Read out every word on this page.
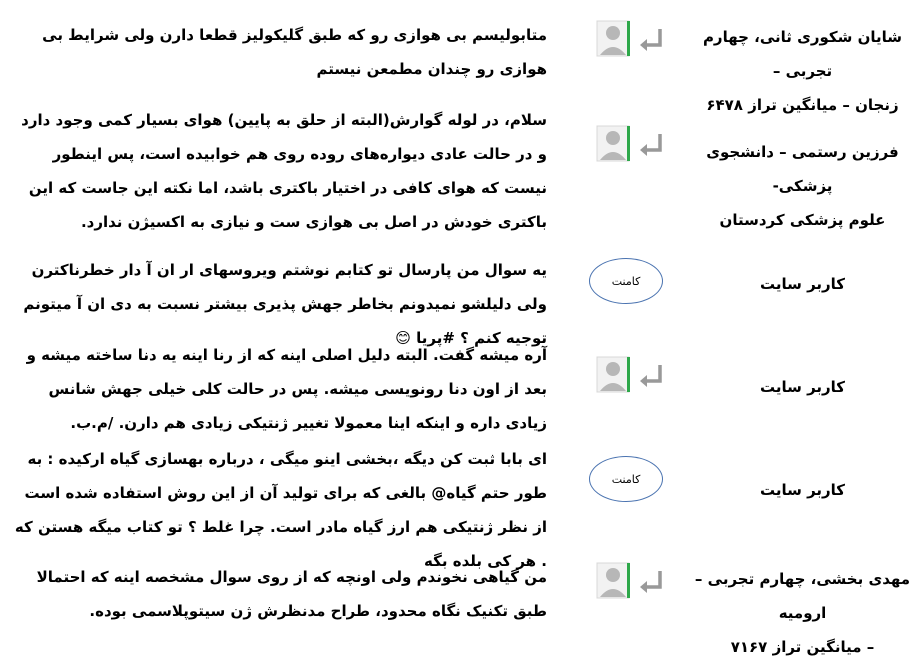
شایان شکوری ثانی، چهارم تجربی –
زنجان – میانگین تراز ۶۴۷۸
متابولیسم بی هوازی رو که طبق گلیکولیز قطعا دارن ولی شرایط بی هوازی رو چندان مطمعن نیستم
فرزین رستمی – دانشجوی پزشکی-
علوم پزشکی کردستان
سلام، در لوله گوارش(البته از حلق به پایین) هوای بسیار کمی وجود دارد و در حالت عادی دیواره‌های روده روی هم خوابیده است، پس اینطور نیست که هوای کافی در اختیار باکتری باشد، اما نکته این جاست که این باکتری خودش در اصل بی هوازی ست و نیازی به اکسیژن ندارد.
کاربر سایت
کامنت
یه سوال من پارسال تو کتابم نوشتم ویروسهای ار ان آ دار خطرناکترن ولی دلیلشو نمیدونم بخاطر جهش پذیری بیشتر نسبت به دی ان آ میتونم توجیه کنم ؟ #پریا 😊
کاربر سایت
آره میشه گفت. البته دلیل اصلی اینه که از رنا اینه یه دنا ساخته میشه و بعد از اون دنا رونویسی میشه. پس در حالت کلی خیلی جهش شانس زیادی داره و اینکه اینا معمولا تغییر ژنتیکی زیادی هم دارن. /م.ب.
کاربر سایت
کامنت
ای بابا ثبت کن دیگه ،بخشی اینو میگی ، درباره بهسازی گیاه ارکیده : به طور حتم گیاه@ بالغی که برای تولید آن از این روش استفاده شده است از نظر ژنتیکی هم ارز گیاه مادر است. چرا غلط ؟ تو کتاب میگه هستن که . هر کی بلده بگه
مهدی بخشی، چهارم تجربی – ارومیه
– میانگین تراز ۷۱۶۷
من گیاهی نخوندم ولی اونچه که از روی سوال مشخصه اینه که احتمالا طبق تکنیک نگاه محدود، طراح مدنظرش ژن سیتوپلاسمی بوده.
